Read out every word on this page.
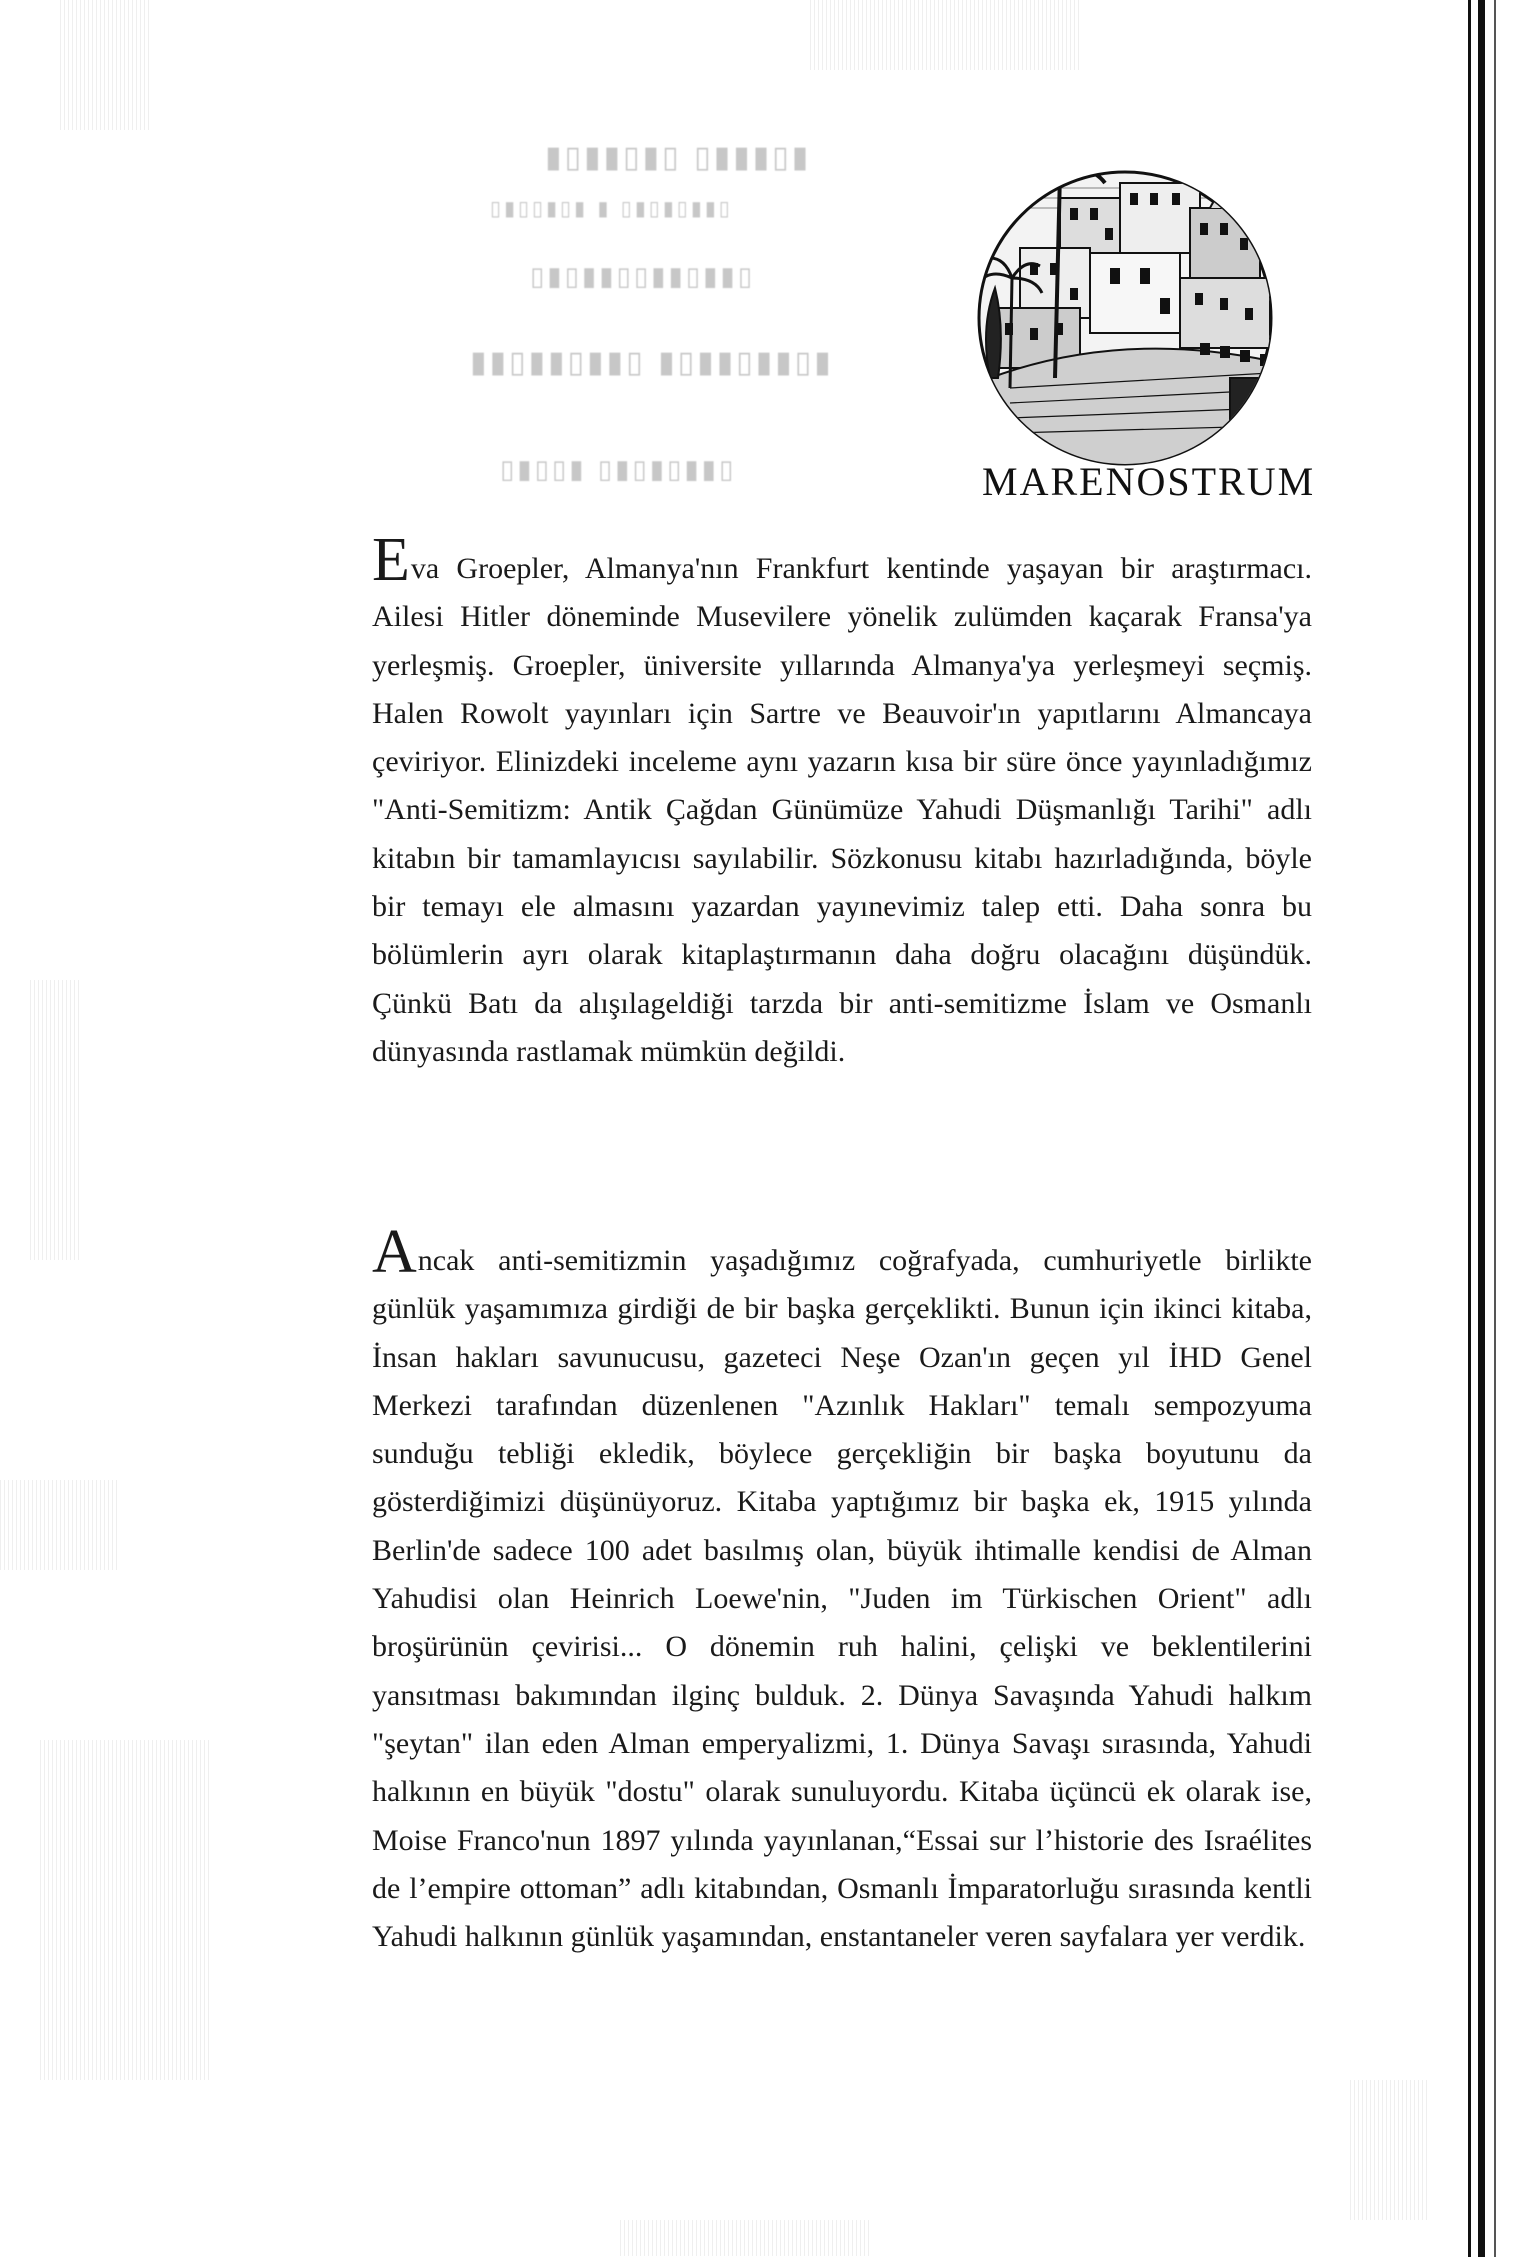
▮▯▮▮▯▮▯ ▯▮▮▮▯▮
▯▮▯▯▮▯▮ ▮ ▯▮▯▮▯▮▮▯
▯▮▯▮▮▯▯▮▮▯▮▮▯
▮▮▯▮▮▯▮▮▯ ▮▯▮▮▯▮▮▯▮
▯▮▯▯▮ ▯▮▯▮▯▮▮▯	MARENOSTRUM
Eva Groepler, Almanya'nın Frankfurt kentinde yaşayan bir araştırmacı. Ailesi Hitler döneminde Musevilere yönelik zulümden kaçarak Fransa'ya yerleşmiş. Groepler, üniversite yıllarında Almanya'ya yerleşmeyi seçmiş. Halen Rowolt yayınları için Sartre ve Beauvoir'ın yapıtlarını Almancaya çeviriyor. Elinizdeki inceleme aynı yazarın kısa bir süre önce yayınladığımız "Anti-Semitizm: Antik Çağdan Günümüze Yahudi Düşmanlığı Tarihi" adlı kitabın bir tamamlayıcısı sayılabilir. Sözkonusu kitabı hazırladığında, böyle bir temayı ele almasını yazardan yayınevimiz talep etti. Daha sonra bu bölümlerin ayrı olarak kitaplaştırmanın daha doğru olacağını düşündük. Çünkü Batı da alışılageldiği tarzda bir anti-semitizme İslam ve Osmanlı dünyasında rastlamak mümkün değildi.
Ancak anti-semitizmin yaşadığımız coğrafyada, cumhuriyetle birlikte günlük yaşamımıza girdiği de bir başka gerçeklikti. Bunun için ikinci kitaba, İnsan hakları savunucusu, gazeteci Neşe Ozan'ın geçen yıl İHD Genel Merkezi tarafından düzenlenen "Azınlık Hakları" temalı sempozyuma sunduğu tebliği ekledik, böylece gerçekliğin bir başka boyutunu da gösterdiğimizi düşünüyoruz. Kitaba yaptığımız bir başka ek, 1915 yılında Berlin'de sadece 100 adet basılmış olan, büyük ihtimalle kendisi de Alman Yahudisi olan Heinrich Loewe'nin, "Juden im Türkischen Orient" adlı broşürünün çevirisi... O dönemin ruh halini, çelişki ve beklentilerini yansıtması bakımından ilginç bulduk. 2. Dünya Savaşında Yahudi halkım "şeytan" ilan eden Alman emperyalizmi, 1. Dünya Savaşı sırasında, Yahudi halkının en büyük "dostu" olarak sunuluyordu. Kitaba üçüncü ek olarak ise, Moise Franco'nun 1897 yılında yayınlanan,“Essai sur l’historie des Israélites de l’empire ottoman” adlı kitabından, Osmanlı İmparatorluğu sırasında kentli Yahudi halkının günlük yaşamından, enstantaneler veren sayfalara yer verdik.
